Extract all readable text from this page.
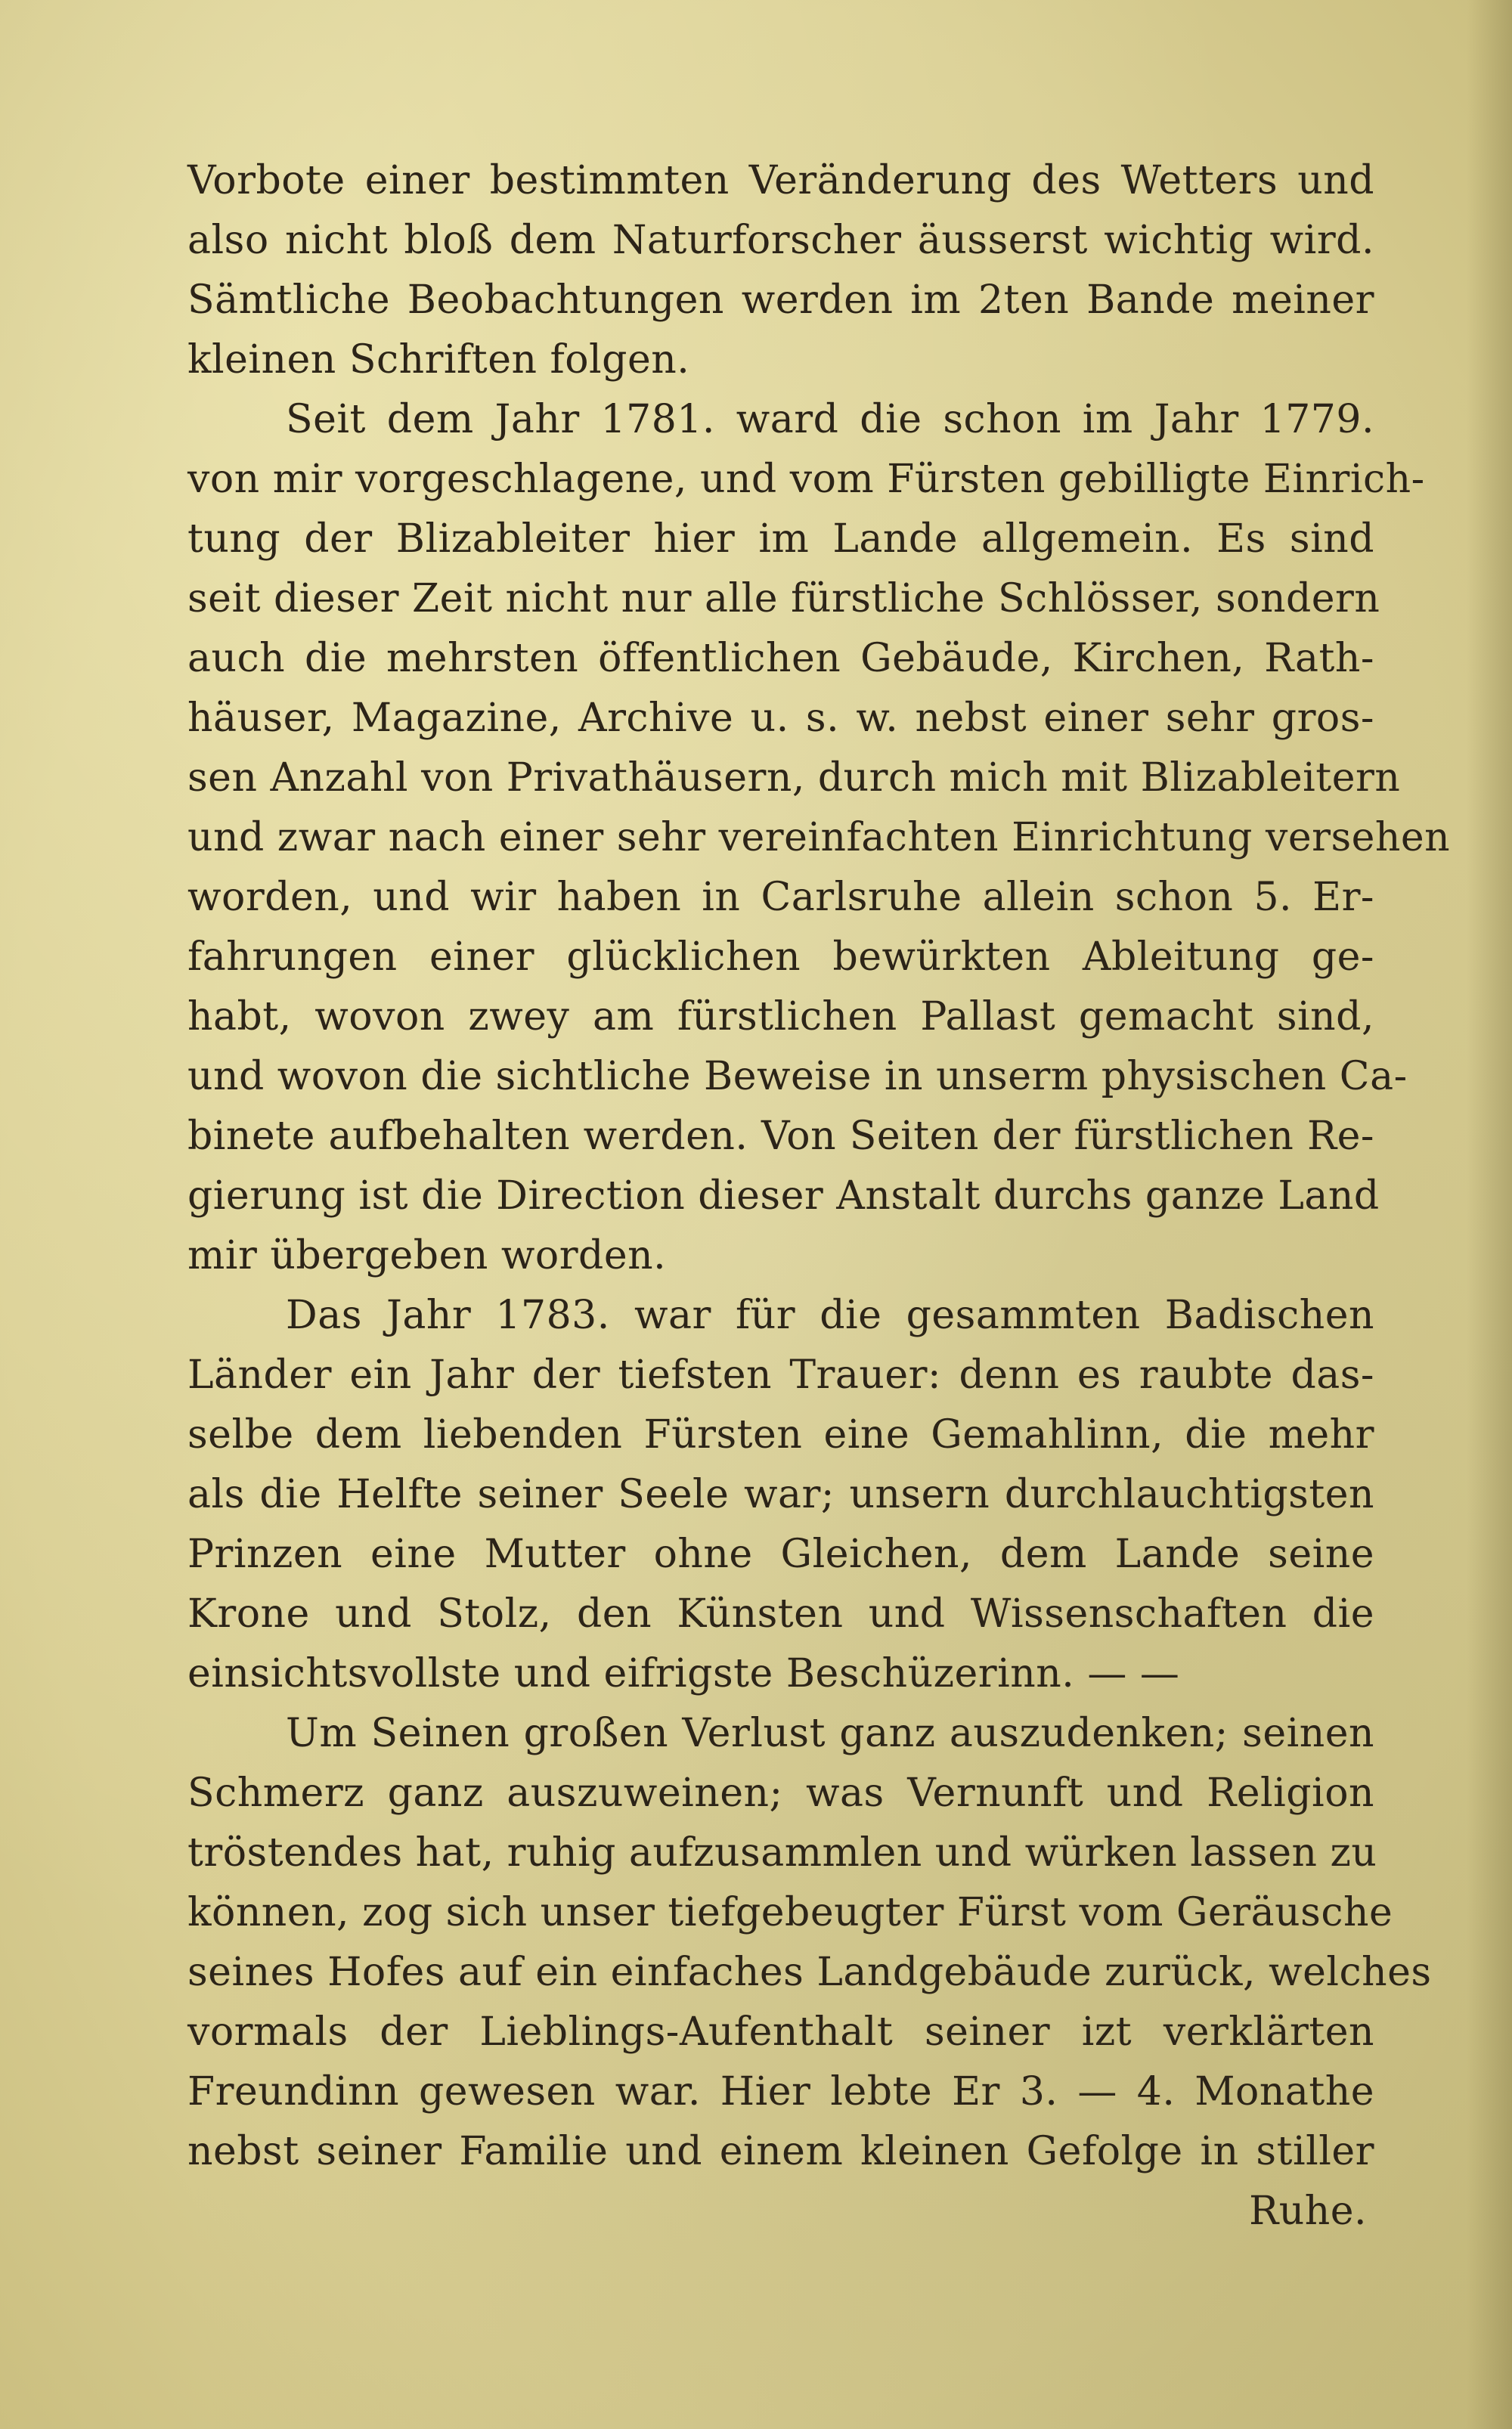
Vorbote einer bestimmten Veränderung des Wetters und
also nicht bloß dem Naturforscher äusserst wichtig wird.
Sämtliche Beobachtungen werden im 2ten Bande meiner
kleinen Schriften folgen.
Seit dem Jahr 1781. ward die schon im Jahr 1779.
von mir vorgeschlagene, und vom Fürsten gebilligte Einrich-
tung der Blizableiter hier im Lande allgemein. Es sind
seit dieser Zeit nicht nur alle fürstliche Schlösser, sondern
auch die mehrsten öffentlichen Gebäude, Kirchen, Rath-
häuser, Magazine, Archive u. s. w. nebst einer sehr gros-
sen Anzahl von Privathäusern, durch mich mit Blizableitern
und zwar nach einer sehr vereinfachten Einrichtung versehen
worden, und wir haben in Carlsruhe allein schon 5. Er-
fahrungen einer glücklichen bewürkten Ableitung ge-
habt, wovon zwey am fürstlichen Pallast gemacht sind,
und wovon die sichtliche Beweise in unserm physischen Ca-
binete aufbehalten werden. Von Seiten der fürstlichen Re-
gierung ist die Direction dieser Anstalt durchs ganze Land
mir übergeben worden.
Das Jahr 1783. war für die gesammten Badischen
Länder ein Jahr der tiefsten Trauer: denn es raubte das-
selbe dem liebenden Fürsten eine Gemahlinn, die mehr
als die Helfte seiner Seele war; unsern durchlauchtigsten
Prinzen eine Mutter ohne Gleichen, dem Lande seine
Krone und Stolz, den Künsten und Wissenschaften die
einsichtsvollste und eifrigste Beschüzerinn. — —
Um Seinen großen Verlust ganz auszudenken; seinen
Schmerz ganz auszuweinen; was Vernunft und Religion
tröstendes hat, ruhig aufzusammlen und würken lassen zu
können, zog sich unser tiefgebeugter Fürst vom Geräusche
seines Hofes auf ein einfaches Landgebäude zurück, welches
vormals der Lieblings-Aufenthalt seiner izt verklärten
Freundinn gewesen war. Hier lebte Er 3. — 4. Monathe
nebst seiner Familie und einem kleinen Gefolge in stiller
Ruhe.
